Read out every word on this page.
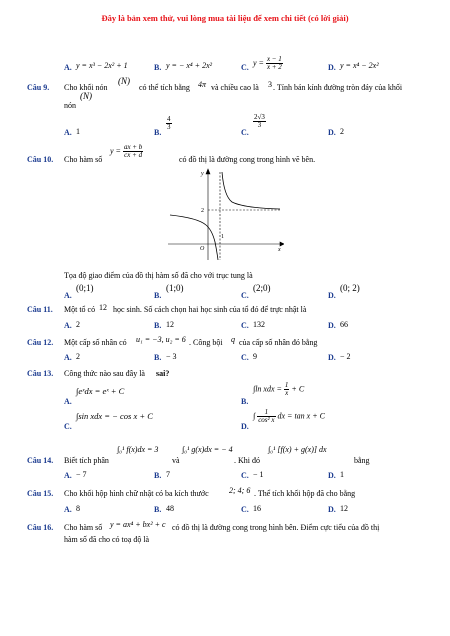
Đây là bản xem thử, vui lòng mua tài liệu để xem chi tiết (có lời giải)
A. y = x³ − 2x² + 1	B. y = − x⁴ + 2x²	C. $y = \frac{x - 1}{x + 2}$	D. y = x⁴ − 2x²
Câu 9. Cho khối nón
(N)
có thể tích bằng 4π và chiều cao là 3 . Tính bán kính đường tròn đáy của khối
nón
(N)
A. 1	B.
$\frac{4}{3}$
C.
$\frac{2√3}{3}$
D. 2
Câu 10. Cho hàm số
$y = \frac{ax + b}{cx + d}$	có đồ thị là đường cong trong hình vẽ bên.
y
x
O
2
1
Tọa độ giao điểm của đồ thị hàm số đã cho với trục tung là
A.
(0;1)
B.
(1;0)
C.
(2;0)
D.
(0; 2)
Câu 11. Một tổ có 12 học sinh. Số cách chọn hai học sinh của tổ đó để trực nhật là
A. 2	B. 12	C. 132	D. 66
Câu 12. Một cấp số nhân có u₁ = −3, u₂ = 6 . Công bội q của cấp số nhân đó bằng
A. 2	B. − 3	C. 9	D. − 2
Câu 13. Công thức nào sau đây là sai?
A.
∫eˣdx = eˣ + C
B.
∫ln xdx = $\frac{1}{x} + C$
C.
∫sin xdx = − cos x + C
D.
∫ $\frac{1}{\text{cos² x}}$ dx = tan x + C
Câu 14. Biết tích phân
∫₀¹ f(x)dx = 3
và
∫₀¹ g(x)dx = − 4
. Khi đó
∫₀¹ [f(x) + g(x)] dx
bằng
A. − 7	B. 7	C. − 1	D. 1
Câu 15. Cho khối hộp hình chữ nhật có ba kích thước	2; 4; 6 . Thể tích khối hộp đã cho bằng
A. 8	B. 48	C. 16	D. 12
Câu 16. Cho hàm số y = ax⁴ + bx² + c có đồ thị là đường cong trong hình bên. Điểm cực tiểu của đồ thị
hàm số đã cho có toạ độ là
